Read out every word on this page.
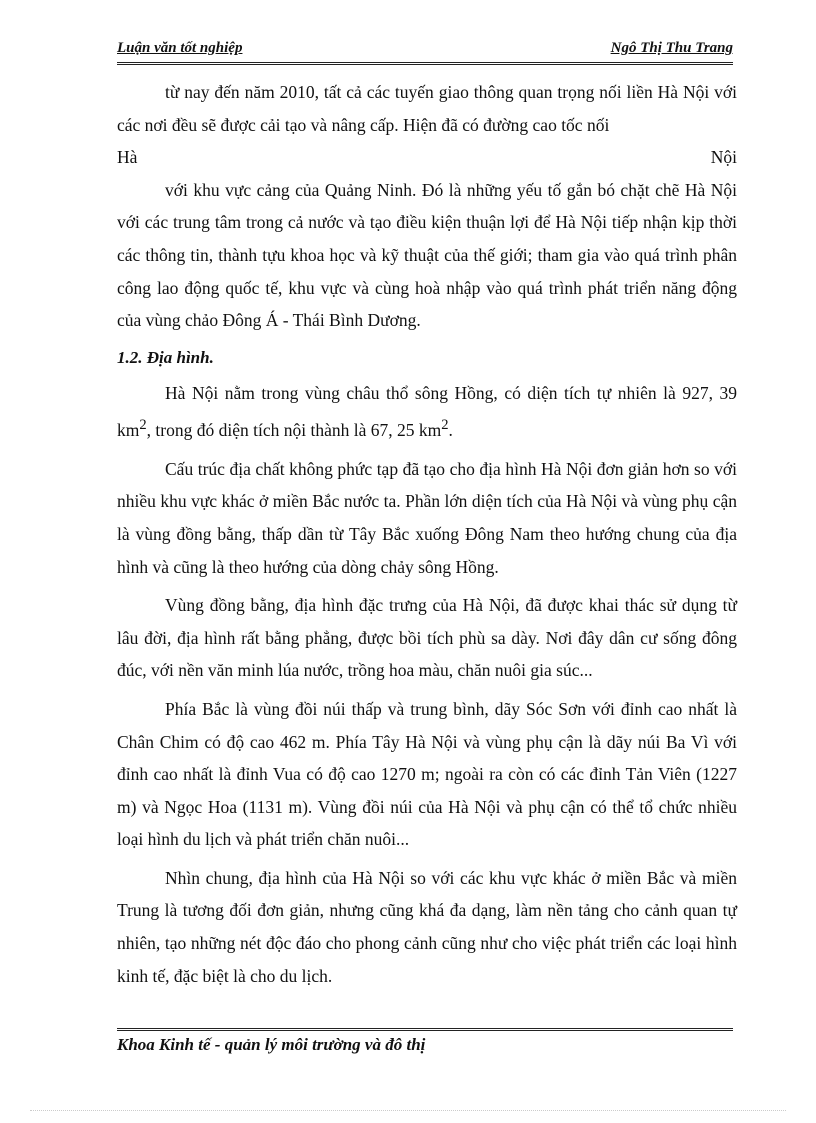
Luận văn tốt nghiệp	Ngô Thị Thu Trang

từ nay đến năm 2010, tất cả các tuyến giao thông quan trọng nối liền Hà Nội với các nơi đều sẽ được cải tạo và nâng cấp. Hiện đã có đường cao tốc nối

Hà	Nội

với khu vực cảng của Quảng Ninh. Đó là những yếu tố gắn bó chặt chẽ Hà Nội với các trung tâm trong cả nước và tạo điều kiện thuận lợi để Hà Nội tiếp nhận kịp thời các thông tin, thành tựu khoa học và kỹ thuật của thế giới; tham gia vào quá trình phân công lao động quốc tế, khu vực và cùng hoà nhập vào quá trình phát triển năng động của vùng chảo Đông Á - Thái Bình Dương.

1.2. Địa hình.

Hà Nội nằm trong vùng châu thổ sông Hồng, có diện tích tự nhiên là 927, 39 $km^2$, trong đó diện tích nội thành là 67, 25 $km^2$.

Cấu trúc địa chất không phức tạp đã tạo cho địa hình Hà Nội đơn giản hơn so với nhiều khu vực khác ở miền Bắc nước ta. Phần lớn diện tích của Hà Nội và vùng phụ cận là vùng đồng bằng, thấp dần từ Tây Bắc xuống Đông Nam theo hướng chung của địa hình và cũng là theo hướng của dòng chảy sông Hồng.

Vùng đồng bằng, địa hình đặc trưng của Hà Nội, đã được khai thác sử dụng từ lâu đời, địa hình rất bằng phẳng, được bồi tích phù sa dày. Nơi đây dân cư sống đông đúc, với nền văn minh lúa nước, trồng hoa màu, chăn nuôi gia súc...

Phía Bắc là vùng đồi núi thấp và trung bình, dãy Sóc Sơn với đỉnh cao nhất là Chân Chim có độ cao 462 m. Phía Tây Hà Nội và vùng phụ cận là dãy núi Ba Vì với đỉnh cao nhất là đỉnh Vua có độ cao 1270 m; ngoài ra còn có các đỉnh Tản Viên (1227 m) và Ngọc Hoa (1131 m). Vùng đồi núi của Hà Nội và phụ cận có thể tổ chức nhiều loại hình du lịch và phát triển chăn nuôi...

Nhìn chung, địa hình của Hà Nội so với các khu vực khác ở miền Bắc và miền Trung là tương đối đơn giản, nhưng cũng khá đa dạng, làm nền tảng cho cảnh quan tự nhiên, tạo những nét độc đáo cho phong cảnh cũng như cho việc phát triển các loại hình kinh tế, đặc biệt là cho du lịch.

Khoa Kinh tế - quản lý môi trường và đô thị
